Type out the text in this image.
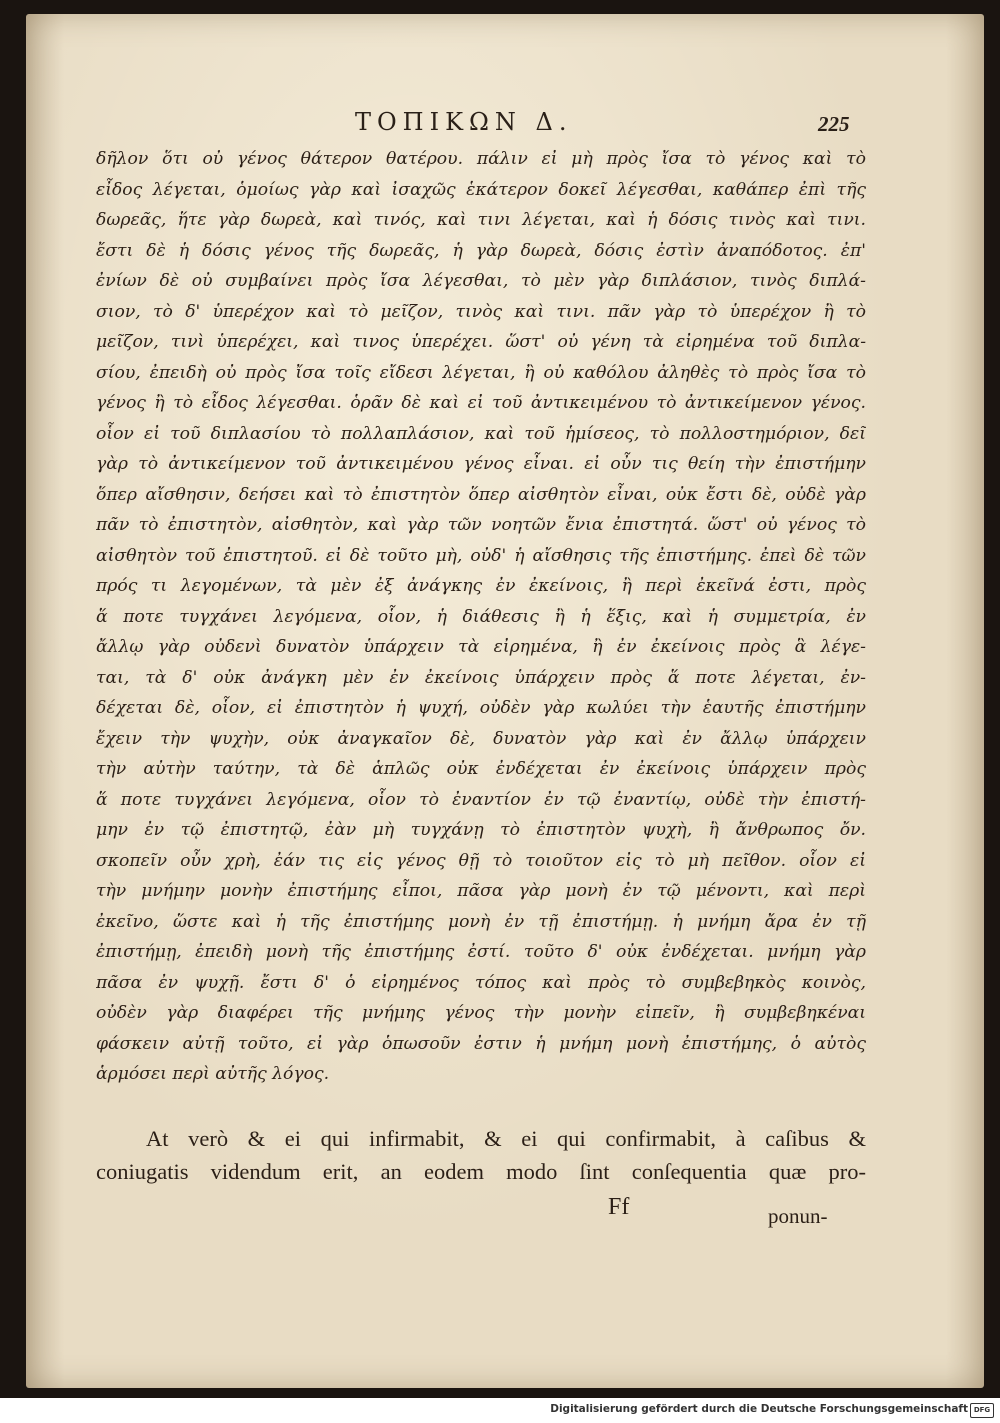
ΤΟΠΙΚΩΝ Δ.	225
δῆλον ὅτι οὐ γένος θάτερον θατέρου. πάλιν εἰ μὴ πρὸς ἴσα τὸ γένος καὶ τὸ
εἶδος λέγεται, ὁμοίως γὰρ καὶ ἰσαχῶς ἑκάτερον δοκεῖ λέγεσθαι, καθάπερ ἐπὶ τῆς
δωρεᾶς, ἥτε γὰρ δωρεὰ, καὶ τινός, καὶ τινι λέγεται, καὶ ἡ δόσις τινὸς καὶ τινι.
ἔστι δὲ ἡ δόσις γένος τῆς δωρεᾶς, ἡ γὰρ δωρεὰ, δόσις ἐστὶν ἀναπόδοτος. ἐπ'
ἐνίων δὲ οὐ συμβαίνει πρὸς ἴσα λέγεσθαι, τὸ μὲν γὰρ διπλάσιον, τινὸς διπλά-
σιον, τὸ δ' ὑπερέχον καὶ τὸ μεῖζον, τινὸς καὶ τινι. πᾶν γὰρ τὸ ὑπερέχον ἢ τὸ
μεῖζον, τινὶ ὑπερέχει, καὶ τινος ὑπερέχει. ὥστ' οὐ γένη τὰ εἰρημένα τοῦ διπλα-
σίου, ἐπειδὴ οὐ πρὸς ἴσα τοῖς εἴδεσι λέγεται, ἢ οὐ καθόλου ἀληθὲς τὸ πρὸς ἴσα τὸ
γένος ἢ τὸ εἶδος λέγεσθαι. ὁρᾶν δὲ καὶ εἰ τοῦ ἀντικειμένου τὸ ἀντικείμενον γένος.
οἷον εἰ τοῦ διπλασίου τὸ πολλαπλάσιον, καὶ τοῦ ἡμίσεος, τὸ πολλοστημόριον, δεῖ
γὰρ τὸ ἀντικείμενον τοῦ ἀντικειμένου γένος εἶναι. εἰ οὖν τις θείη τὴν ἐπιστήμην
ὅπερ αἴσθησιν, δεήσει καὶ τὸ ἐπιστητὸν ὅπερ αἰσθητὸν εἶναι, οὐκ ἔστι δὲ, οὐδὲ γὰρ
πᾶν τὸ ἐπιστητὸν, αἰσθητὸν, καὶ γὰρ τῶν νοητῶν ἔνια ἐπιστητά. ὥστ' οὐ γένος τὸ
αἰσθητὸν τοῦ ἐπιστητοῦ. εἰ δὲ τοῦτο μὴ, οὐδ' ἡ αἴσθησις τῆς ἐπιστήμης. ἐπεὶ δὲ τῶν
πρός τι λεγομένων, τὰ μὲν ἐξ ἀνάγκης ἐν ἐκείνοις, ἢ περὶ ἐκεῖνά ἐστι, πρὸς
ἅ ποτε τυγχάνει λεγόμενα, οἷον, ἡ διάθεσις ἢ ἡ ἕξις, καὶ ἡ συμμετρία, ἐν
ἄλλῳ γὰρ οὐδενὶ δυνατὸν ὑπάρχειν τὰ εἰρημένα, ἢ ἐν ἐκείνοις πρὸς ἃ λέγε-
ται, τὰ δ' οὐκ ἀνάγκη μὲν ἐν ἐκείνοις ὑπάρχειν πρὸς ἅ ποτε λέγεται, ἐν-
δέχεται δὲ, οἷον, εἰ ἐπιστητὸν ἡ ψυχή, οὐδὲν γὰρ κωλύει τὴν ἑαυτῆς ἐπιστήμην
ἔχειν τὴν ψυχὴν, οὐκ ἀναγκαῖον δὲ, δυνατὸν γὰρ καὶ ἐν ἄλλῳ ὑπάρχειν
τὴν αὐτὴν ταύτην, τὰ δὲ ἁπλῶς οὐκ ἐνδέχεται ἐν ἐκείνοις ὑπάρχειν πρὸς
ἅ ποτε τυγχάνει λεγόμενα, οἷον τὸ ἐναντίον ἐν τῷ ἐναντίῳ, οὐδὲ τὴν ἐπιστή-
μην ἐν τῷ ἐπιστητῷ, ἐὰν μὴ τυγχάνῃ τὸ ἐπιστητὸν ψυχὴ, ἢ ἄνθρωπος ὄν.
σκοπεῖν οὖν χρὴ, ἐάν τις εἰς γένος θῇ τὸ τοιοῦτον εἰς τὸ μὴ πεῖθον. οἷον εἰ
τὴν μνήμην μονὴν ἐπιστήμης εἶποι, πᾶσα γὰρ μονὴ ἐν τῷ μένοντι, καὶ περὶ
ἐκεῖνο, ὥστε καὶ ἡ τῆς ἐπιστήμης μονὴ ἐν τῇ ἐπιστήμῃ. ἡ μνήμη ἄρα ἐν τῇ
ἐπιστήμῃ, ἐπειδὴ μονὴ τῆς ἐπιστήμης ἐστί. τοῦτο δ' οὐκ ἐνδέχεται. μνήμη γὰρ
πᾶσα ἐν ψυχῇ. ἔστι δ' ὁ εἰρημένος τόπος καὶ πρὸς τὸ συμβεβηκὸς κοινὸς,
οὐδὲν γὰρ διαφέρει τῆς μνήμης γένος τὴν μονὴν εἰπεῖν, ἢ συμβεβηκέναι
φάσκειν αὐτῇ τοῦτο, εἰ γὰρ ὁπωσοῦν ἐστιν ἡ μνήμη μονὴ ἐπιστήμης, ὁ αὐτὸς
ἁρμόσει περὶ αὐτῆς λόγος.
At verò & ei qui infirmabit, & ei qui confirmabit, à caſibus &
coniugatis videndum erit, an eodem modo ſint conſequentia quæ pro-
Ff	ponun-
Digitalisierung gefördert durch die Deutsche Forschungsgemeinschaft DFG
